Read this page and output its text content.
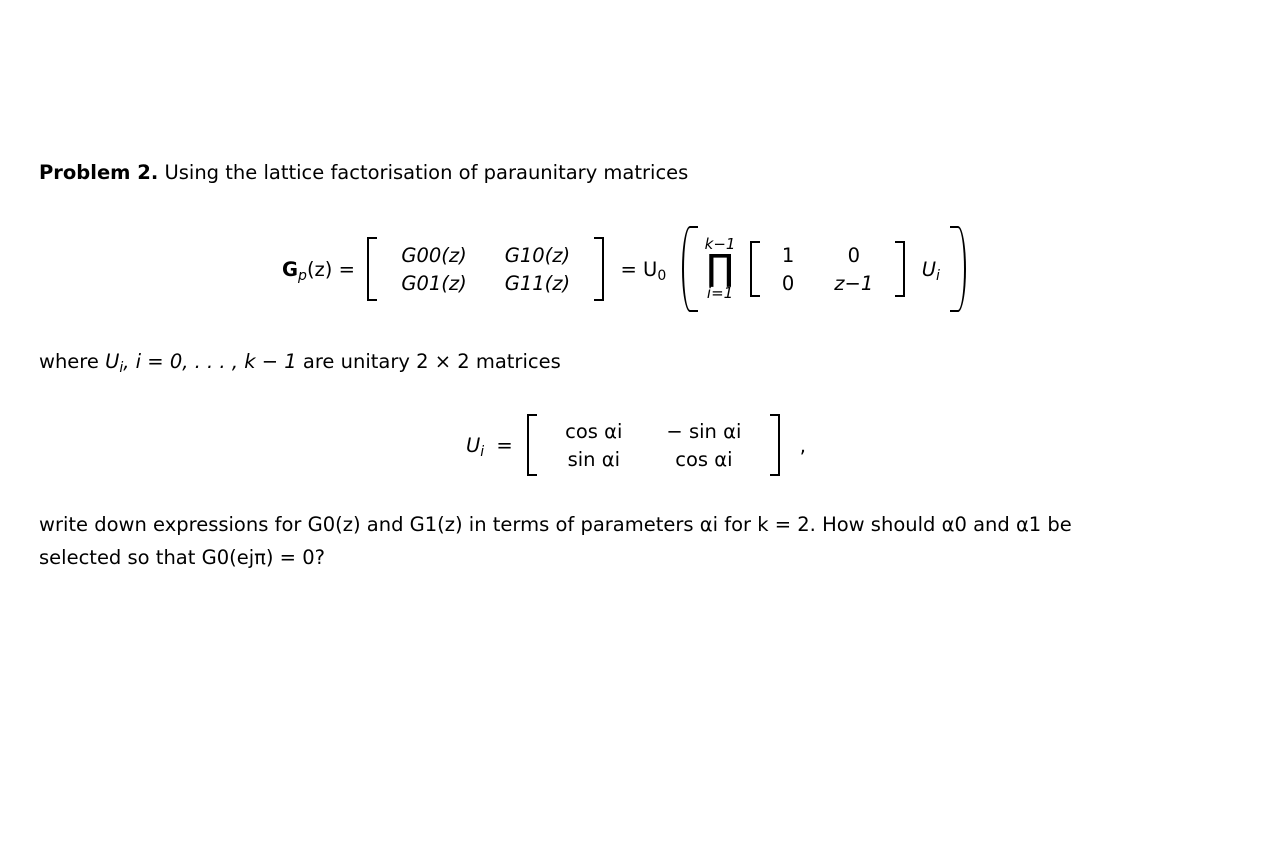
Problem 2. Using the lattice factorisation of paraunitary matrices
$G_p(z)$ =
G00(z) G10(z)
G01(z) G11(z)
= $U_0$
k−1
∏
i=1

1	0
0 z−1
$U_i$
where $U_i$, i = 0, . . . , k − 1 are unitary 2 × 2 matrices
$U_i$ =
cos αi − sin αi
sin αi	cos αi
,
write down expressions for G0(z) and G1(z) in terms of parameters αi for k = 2. How should α0 and α1 be
selected so that G0(ejπ) = 0?
